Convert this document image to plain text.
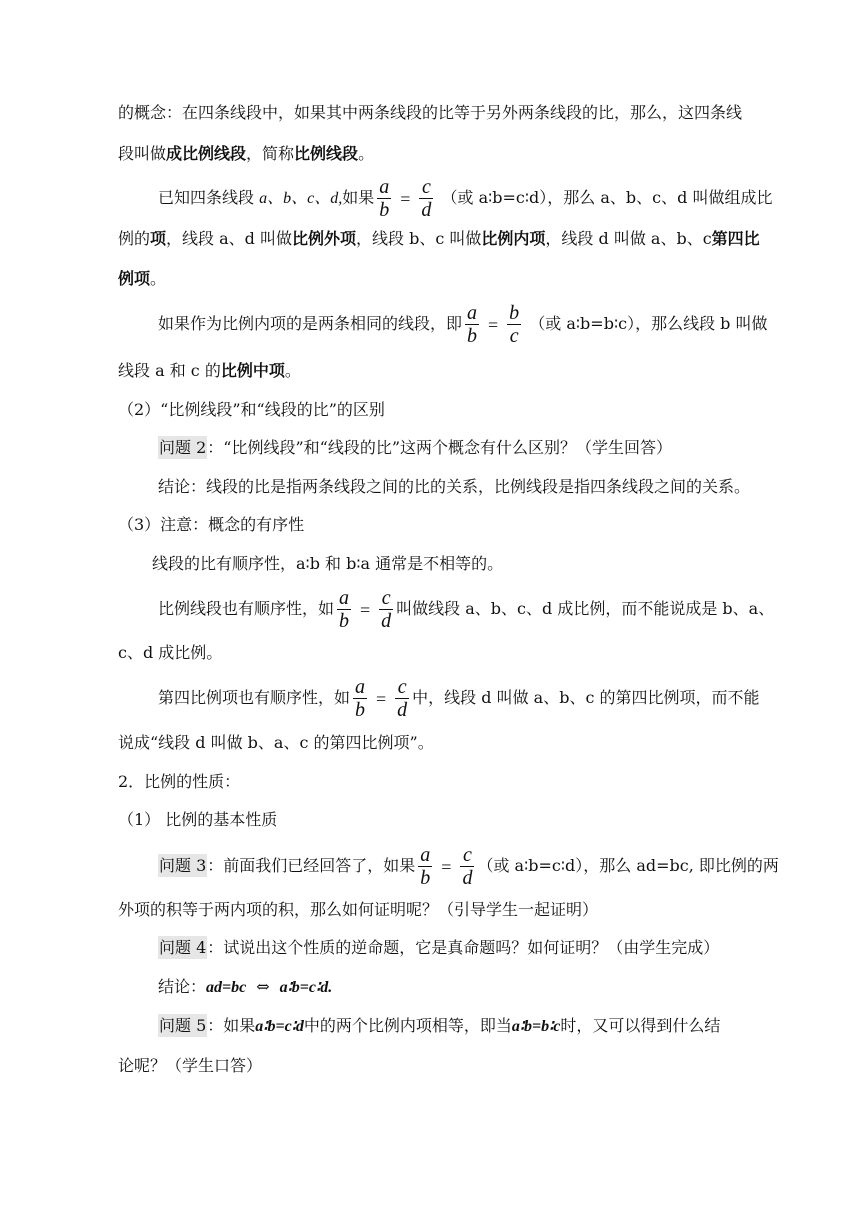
的概念：在四条线段中，如果其中两条线段的比等于另外两条线段的比，那么，这四条线
段叫做成比例线段，简称比例线段。
已知四条线段 a、b、c、d,如果 $\frac{a}{b} = \frac{c}{d}$ （或 a∶b=c∶d），那么 a、b、c、d 叫做组成比
例的项，线段 a、d 叫做比例外项，线段 b、c 叫做比例内项，线段 d 叫做 a、b、c第四比
例项。
如果作为比例内项的是两条相同的线段，即 $\frac{a}{b} = \frac{b}{c}$ （或 a∶b=b∶c），那么线段 b 叫做
线段 a 和 c 的比例中项。
（2）“比例线段”和“线段的比”的区别
问题 2：“比例线段”和“线段的比”这两个概念有什么区别？（学生回答）
结论：线段的比是指两条线段之间的比的关系，比例线段是指四条线段之间的关系。
（3）注意：概念的有序性
线段的比有顺序性，a∶b 和 b∶a 通常是不相等的。
比例线段也有顺序性，如 $\frac{a}{b} = \frac{c}{d}$ 叫做线段 a、b、c、d 成比例，而不能说成是 b、a、
c、d 成比例。
第四比例项也有顺序性，如 $\frac{a}{b} = \frac{c}{d}$ 中，线段 d 叫做 a、b、c 的第四比例项，而不能
说成“线段 d 叫做 b、a、c 的第四比例项”。
2．比例的性质：
（1） 比例的基本性质
问题 3：前面我们已经回答了，如果 $\frac{a}{b} = \frac{c}{d}$ （或 a∶b=c∶d），那么 ad=bc, 即比例的两
外项的积等于两内项的积，那么如何证明呢？（引导学生一起证明）
问题 4：试说出这个性质的逆命题，它是真命题吗？如何证明？（由学生完成）
结论：ad=bc ⇔ a∶b=c∶d.
问题 5：如果a∶b=c∶d中的两个比例内项相等，即当a∶b=b∶c时，又可以得到什么结
论呢？（学生口答）
